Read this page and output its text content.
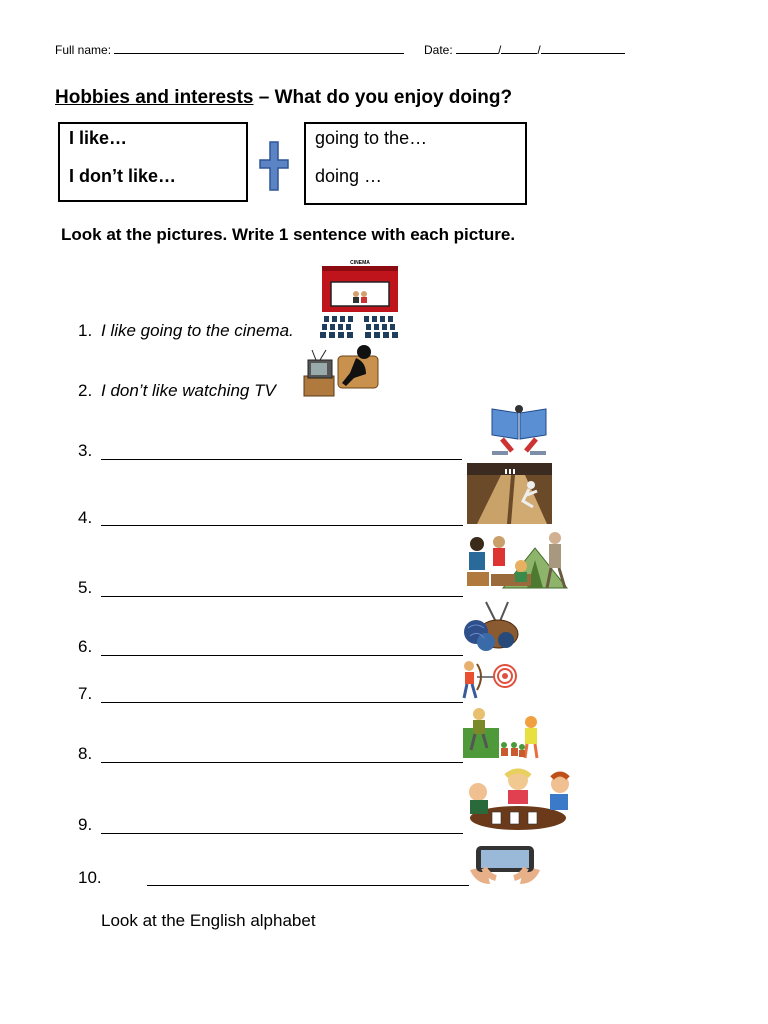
Full name:	Date:	/	/
Hobbies and interests – What do you enjoy doing?
I like…
I don’t like…
going to the…
doing …
Look at the pictures. Write 1 sentence with each picture.
1. I like going to the cinema.
CINEMA
2. I don’t like watching TV
3.
4.
5.
6.
7.
8.
9.
10.
Look at the English alphabet
